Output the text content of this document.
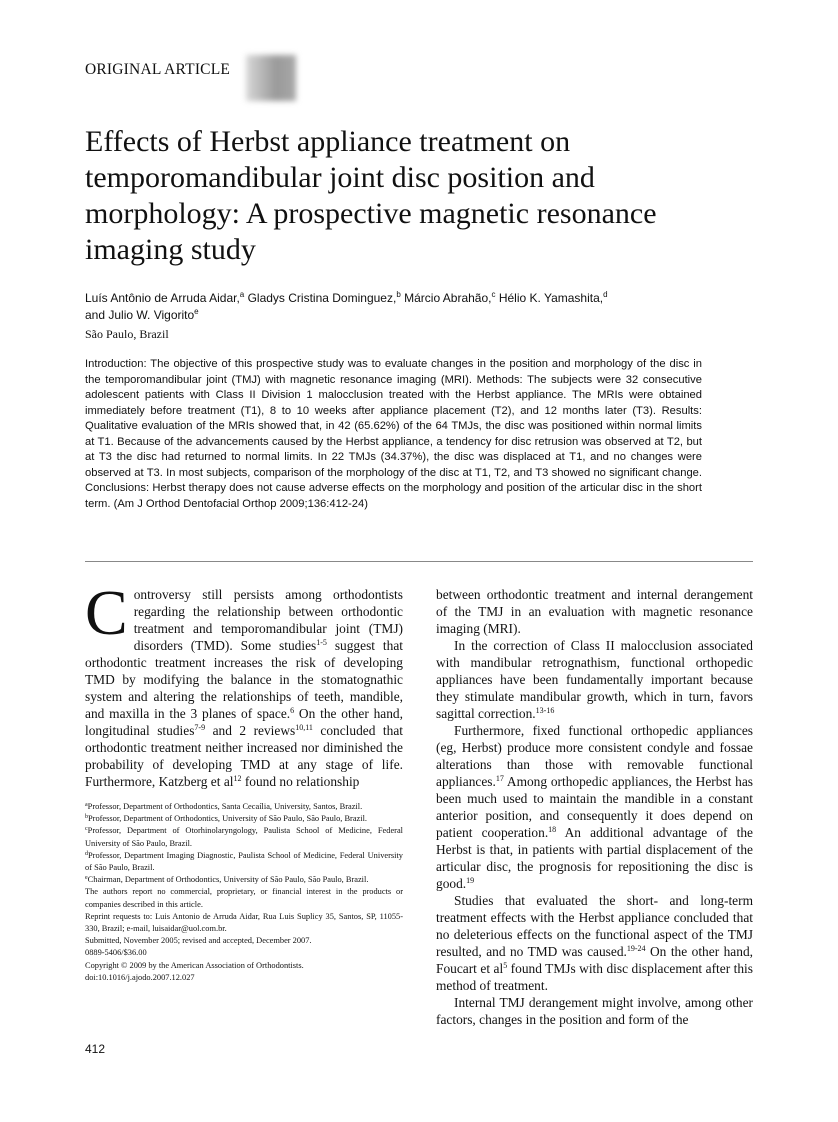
ORIGINAL ARTICLE
Effects of Herbst appliance treatment on temporomandibular joint disc position and morphology: A prospective magnetic resonance imaging study
Luís Antônio de Arruda Aidar,$^a$ Gladys Cristina Dominguez,$^b$ Márcio Abrahão,$^c$ Hélio K. Yamashita,$^d$
and Julio W. Vigorito$^e$
São Paulo, Brazil
Introduction: The objective of this prospective study was to evaluate changes in the position and morphology of the disc in the temporomandibular joint (TMJ) with magnetic resonance imaging (MRI). Methods: The subjects were 32 consecutive adolescent patients with Class II Division 1 malocclusion treated with the Herbst appliance. The MRIs were obtained immediately before treatment (T1), 8 to 10 weeks after appliance placement (T2), and 12 months later (T3). Results: Qualitative evaluation of the MRIs showed that, in 42 (65.62%) of the 64 TMJs, the disc was positioned within normal limits at T1. Because of the advancements caused by the Herbst appliance, a tendency for disc retrusion was observed at T2, but at T3 the disc had returned to normal limits. In 22 TMJs (34.37%), the disc was displaced at T1, and no changes were observed at T3. In most subjects, comparison of the morphology of the disc at T1, T2, and T3 showed no significant change. Conclusions: Herbst therapy does not cause adverse effects on the morphology and position of the articular disc in the short term. (Am J Orthod Dentofacial Orthop 2009;136:412-24)

Controversy still persists among orthodontists regarding the relationship between orthodontic treatment and temporomandibular joint (TMJ) disorders (TMD). Some studies$^{1-5}$ suggest that orthodontic treatment increases the risk of developing TMD by modifying the balance in the stomatognathic system and altering the relationships of teeth, mandible, and maxilla in the 3 planes of space.$^6$ On the other hand, longitudinal studies$^{7-9}$ and 2 reviews$^{10,11}$ concluded that orthodontic treatment neither increased nor diminished the probability of developing TMD at any stage of life. Furthermore, Katzberg et $al^{12}$ found no relationship

$^a$Professor, Department of Orthodontics, Santa Cecaília, University, Santos, Brazil.
$^b$Professor, Department of Orthodontics, University of São Paulo, São Paulo, Brazil.
$^c$Professor, Department of Otorhinolaryngology, Paulista School of Medicine, Federal University of São Paulo, Brazil.
$^d$Professor, Department Imaging Diagnostic, Paulista School of Medicine, Federal University of São Paulo, Brazil.
$^e$Chairman, Department of Orthodontics, University of São Paulo, São Paulo, Brazil.
The authors report no commercial, proprietary, or financial interest in the products or companies described in this article.
Reprint requests to: Luis Antonio de Arruda Aidar, Rua Luis Suplicy 35, Santos, SP, 11055-330, Brazil; e-mail, luisaidar@uol.com.br.
Submitted, November 2005; revised and accepted, December 2007.
0889-5406/$36.00
Copyright © 2009 by the American Association of Orthodontists.
doi:10.1016/j.ajodo.2007.12.027

between orthodontic treatment and internal derangement of the TMJ in an evaluation with magnetic resonance imaging (MRI).

In the correction of Class II malocclusion associated with mandibular retrognathism, functional orthopedic appliances have been fundamentally important because they stimulate mandibular growth, which in turn, favors sagittal correction.$^{13-16}$

Furthermore, fixed functional orthopedic appliances (eg, Herbst) produce more consistent condyle and fossae alterations than those with removable functional appliances.$^{17}$ Among orthopedic appliances, the Herbst has been much used to maintain the mandible in a constant anterior position, and consequently it does depend on patient cooperation.$^{18}$ An additional advantage of the Herbst is that, in patients with partial displacement of the articular disc, the prognosis for repositioning the disc is good.$^{19}$

Studies that evaluated the short- and long-term treatment effects with the Herbst appliance concluded that no deleterious effects on the functional aspect of the TMJ resulted, and no TMD was caused.$^{19-24}$ On the other hand, Foucart et $al^5$ found TMJs with disc displacement after this method of treatment.

Internal TMJ derangement might involve, among other factors, changes in the position and form of the

412
